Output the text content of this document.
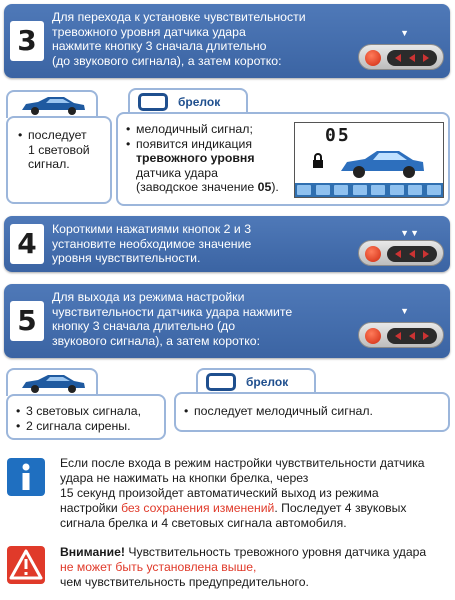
3
Для перехода к установке чувствительности
тревожного уровня датчика удара
нажмите кнопку 3 сначала длительно
(до звукового сигнала), а затем коротко:
▼
• последует
1 световой
сигнал.
брелок
• мелодичный сигнал;
• появится индикация
тревожного уровня
датчика удара
(заводское значение 05).
05
4	Короткими нажатиями кнопок 2 и 3
установите необходимое значение
уровня чувствительности.
▼▼
5
Для выхода из режима настройки
чувствительности датчика удара нажмите
кнопку 3 сначала длительно (до
звукового сигнала), а затем коротко:
▼
• 3 световых сигнала,
• 2 сигнала сирены.
брелок
• последует мелодичный сигнал.
Если после входа в режим настройки чувствительности датчика
удара не нажимать на кнопки брелка, через
15 секунд произойдет автоматический выход из режима
настройки без сохранения изменений. Последует 4 звуковых
сигнала брелка и 4 световых сигнала автомобиля.
Внимание! Чувствительность тревожного уровня датчика удара
не может быть установлена выше,
чем чувствительность предупредительного.
